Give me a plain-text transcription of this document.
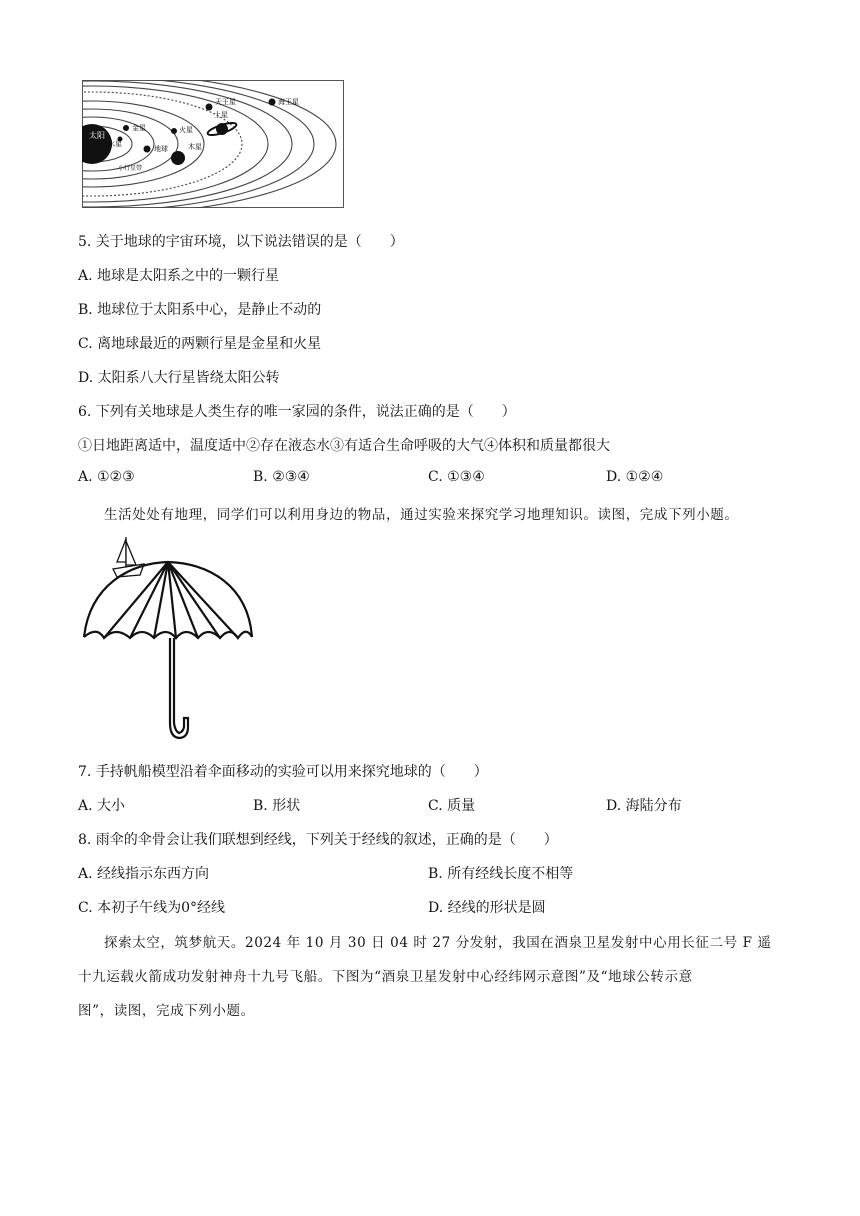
太阳
水星
金星
地球
火星
小行星带
木星
土星
天王星	海王星
5. 关于地球的宇宙环境，以下说法错误的是（　　）
A. 地球是太阳系之中的一颗行星
B. 地球位于太阳系中心，是静止不动的
C. 离地球最近的两颗行星是金星和火星
D. 太阳系八大行星皆绕太阳公转
6. 下列有关地球是人类生存的唯一家园的条件，说法正确的是（　　）
①日地距离适中，温度适中②存在液态水③有适合生命呼吸的大气④体积和质量都很大
A. ①②③	B. ②③④	C. ①③④	D. ①②④
生活处处有地理，同学们可以利用身边的物品，通过实验来探究学习地理知识。读图，完成下列小题。
7. 手持帆船模型沿着伞面移动的实验可以用来探究地球的（　　）
A. 大小	B. 形状	C. 质量	D. 海陆分布
8. 雨伞的伞骨会让我们联想到经线，下列关于经线的叙述，正确的是（　　）
A. 经线指示东西方向	B. 所有经线长度不相等
C. 本初子午线为0°经线	D. 经线的形状是圆
探索太空，筑梦航天。2024 年 10 月 30 日 04 时 27 分发射，我国在酒泉卫星发射中心用长征二号 F 遥
十九运载火箭成功发射神舟十九号飞船。下图为“酒泉卫星发射中心经纬网示意图”及“地球公转示意
图”，读图，完成下列小题。
